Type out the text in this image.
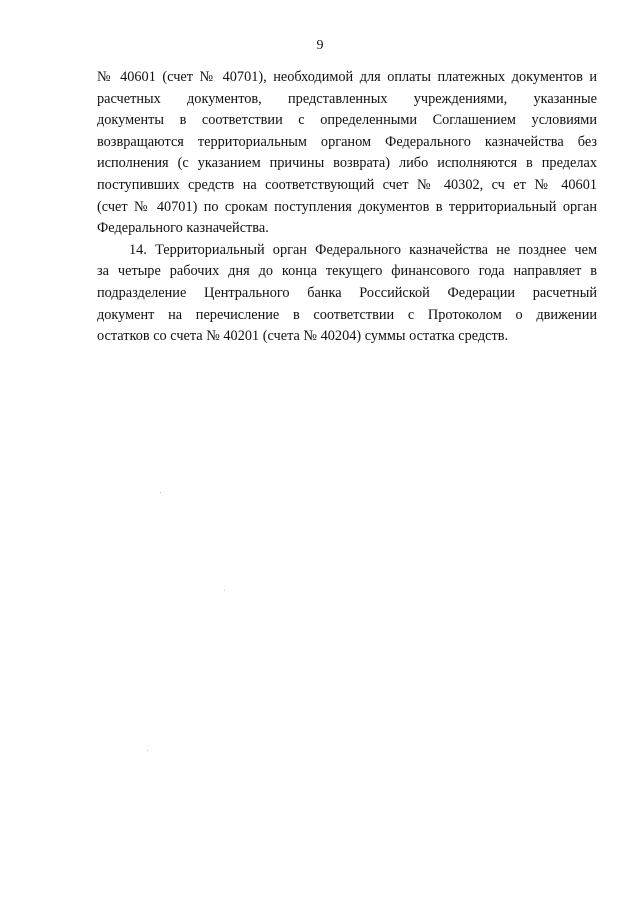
9

№ 40601 (счет № 40701), необходимой для оплаты платежных документов и
расчетных документов, представленных учреждениями, указанные
документы в соответствии с определенными Соглашением условиями
возвращаются территориальным органом Федерального казначейства без
исполнения (с указанием причины возврата) либо исполняются в пределах
поступивших средств на соответствующий счет № 40302, сч ет № 40601
(счет № 40701) по срокам поступления документов в территориальный орган
Федерального казначейства.

14. Территориальный орган Федерального казначейства не позднее чем
за четыре рабочих дня до конца текущего финансового года направляет в
подразделение Центрального банка Российской Федерации расчетный
документ на перечисление в соответствии с Протоколом о движении
остатков со счета № 40201 (счета № 40204) суммы остатка средств.
